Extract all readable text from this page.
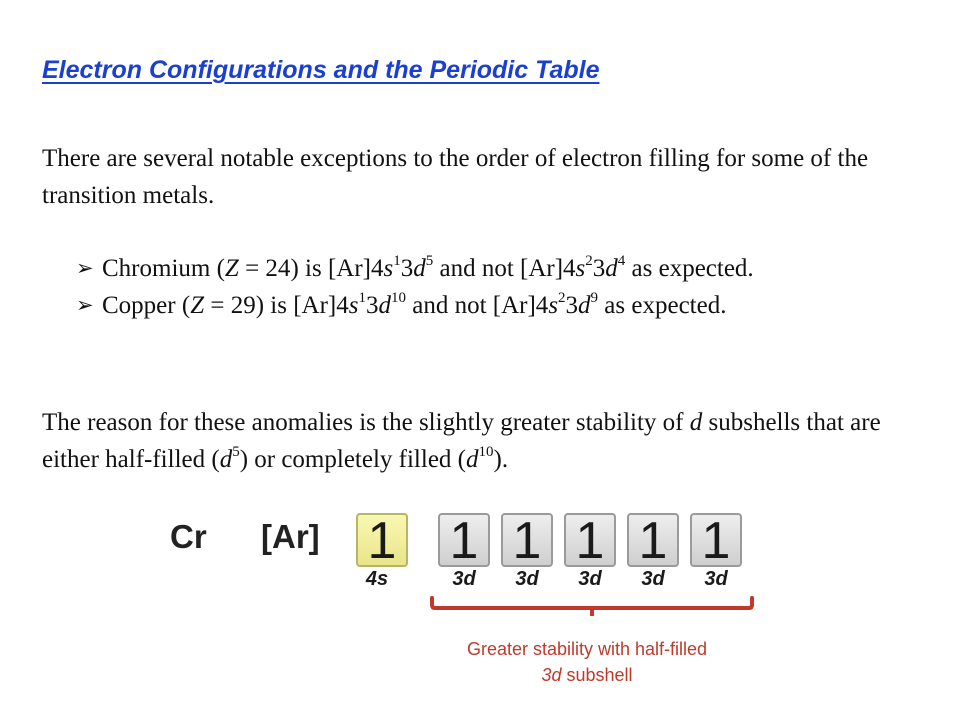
Electron Configurations and the Periodic Table

There are several notable exceptions to the order of electron filling for some of the transition metals.

➢ Chromium (Z = 24) is $[Ar]4s^13d^5$ and not $[Ar]4s^23d^4$ as expected.
➢ Copper (Z = 29) is $[Ar]4s^13d^{10}$ and not $[Ar]4s^23d^9$ as expected.

The reason for these anomalies is the slightly greater stability of d subshells that are either half-filled $(d^5)$ or completely filled $(d^{10})$.

Cr [Ar] 1 1 1 1 1 1
4s	3d	3d	3d	3d	3d
Greater stability with half-filled
3d subshell
